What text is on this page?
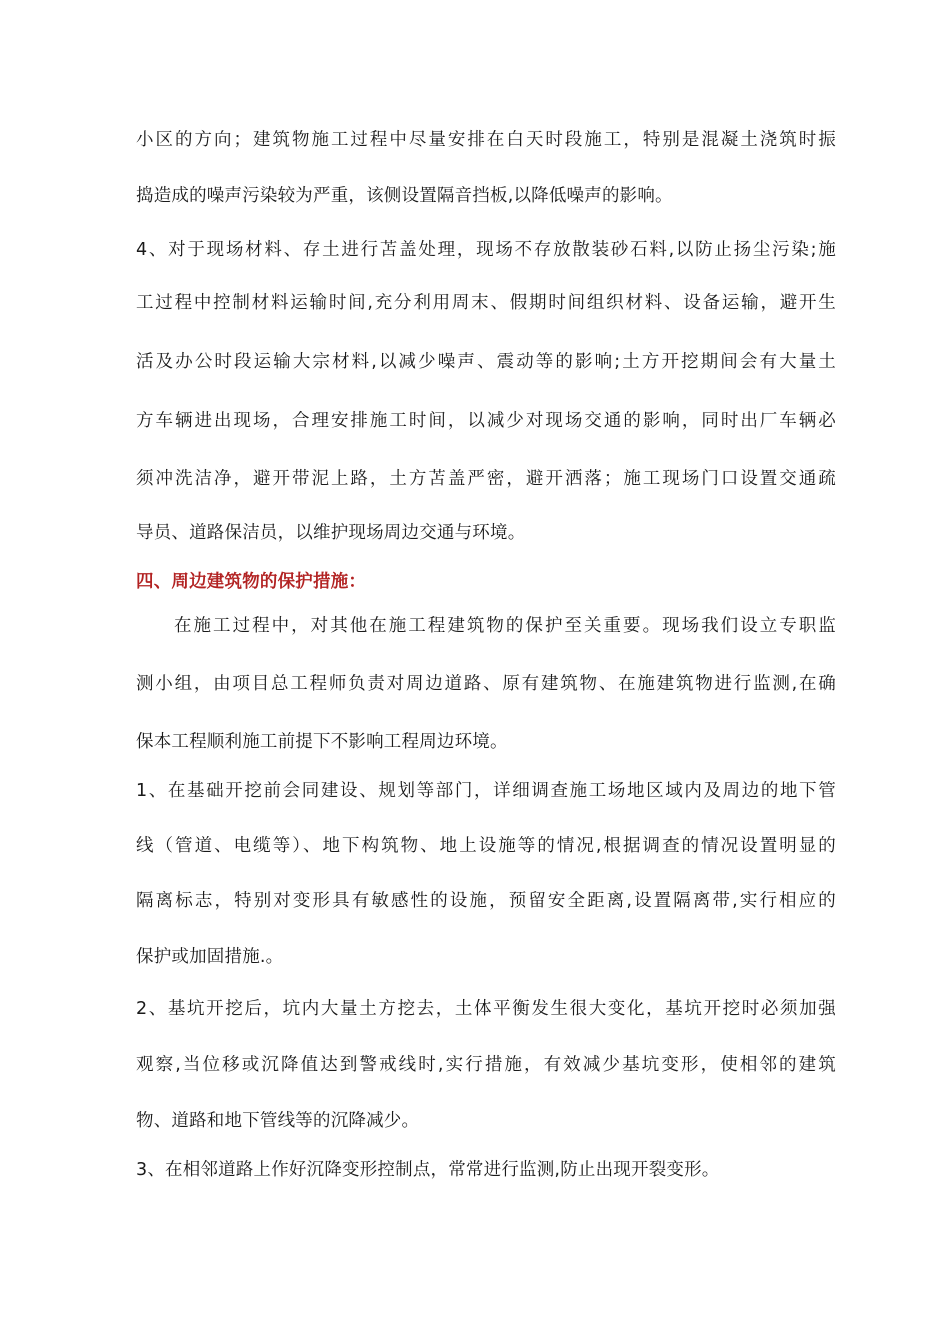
小区的方向；建筑物施工过程中尽量安排在白天时段施工，特别是混凝土浇筑时振
捣造成的噪声污染较为严重，该侧设置隔音挡板,以降低噪声的影响。
4、对于现场材料、存土进行苫盖处理，现场不存放散装砂石料,以防止扬尘污染;施
工过程中控制材料运输时间,充分利用周末、假期时间组织材料、设备运输，避开生
活及办公时段运输大宗材料,以减少噪声、震动等的影响;土方开挖期间会有大量土
方车辆进出现场，合理安排施工时间，以减少对现场交通的影响，同时出厂车辆必
须冲洗洁净，避开带泥上路，土方苫盖严密，避开洒落；施工现场门口设置交通疏
导员、道路保洁员，以维护现场周边交通与环境。
四、周边建筑物的保护措施：
在施工过程中，对其他在施工程建筑物的保护至关重要。现场我们设立专职监
测小组，由项目总工程师负责对周边道路、原有建筑物、在施建筑物进行监测,在确
保本工程顺利施工前提下不影响工程周边环境。
1、在基础开挖前会同建设、规划等部门，详细调查施工场地区域内及周边的地下管
线（管道、电缆等）、地下构筑物、地上设施等的情况,根据调查的情况设置明显的
隔离标志，特别对变形具有敏感性的设施，预留安全距离,设置隔离带,实行相应的
保护或加固措施.。
2、基坑开挖后，坑内大量土方挖去，土体平衡发生很大变化，基坑开挖时必须加强
观察,当位移或沉降值达到警戒线时,实行措施，有效减少基坑变形，使相邻的建筑
物、道路和地下管线等的沉降减少。
3、在相邻道路上作好沉降变形控制点，常常进行监测,防止出现开裂变形。
